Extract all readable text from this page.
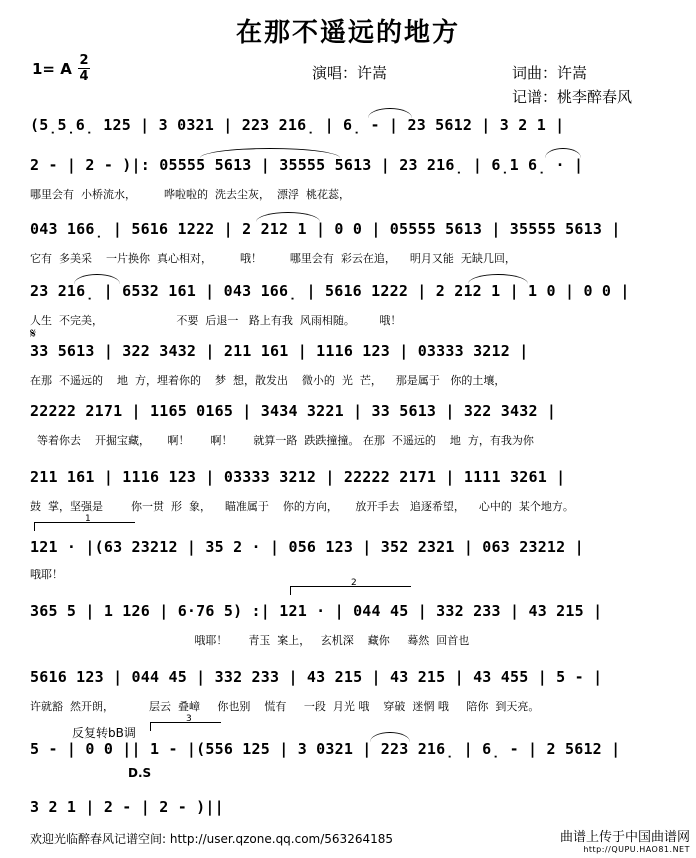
在那不遥远的地方
1= A 2
4	演唱：许嵩	词曲：许嵩
记谱：桃李醉春风
(5̣5̣6̣ 125 | 3 0321 | 223 216̣ | 6̣ - | 23 5612 | 3 2 1 |
2 - | 2 - )|: 05555 5613 | 35555 5613 | 23 216̣ | 6̣1 6̣ · |
哪里会有  小桥流水，        哗啦啦的  洗去尘灰，  漂浮  桃花蕊，
043 166̣ | 5616 1222 | 2 212 1 | 0 0 | 05555 5613 | 35555 5613 |
它有  多美采    一片换你  真心相对，        哦！        哪里会有  彩云在追，    明月又能  无缺几回，
23 216̣ | 6532 161 | 043 166̣ | 5616 1222 | 2 212 1 | 1 0 | 0 0 |
人生  不完美，                     不要  后退一   路上有我  风雨相随。       哦！
𝄋
33 5613 | 322 3432 | 211 161 | 1116 123 | 03333 3212 |
在那  不遥远的    地  方，埋着你的    梦  想，散发出    微小的  光  芒，    那是属于   你的土壤，
22222 2171 | 1165 0165 | 3434 3221 | 33 5613 | 322 3432 |
等着你去    开掘宝藏，     啊！      啊！      就算一路  跌跌撞撞。 在那  不遥远的    地  方，有我为你
211 161 | 1116 123 | 03333 3212 | 22222 2171 | 1111 3261 |
鼓  掌，坚强是        你一贯  形  象，    瞄准属于    你的方向，     放开手去   追逐希望，    心中的  某个地方。
1
121 · |(63 23212 | 35 2 · | 056 123 | 352 2321 | 063 23212 |
哦耶！
2
365 5 | 1 126 | 6·76 5) :| 121 · | 044 45 | 332 233 | 43 215 |
哦耶！      青玉  案上，   玄机深    藏你     蓦然  回首也
5616 123 | 044 45 | 332 233 | 43 215 | 43 215 | 43 455 | 5 - |
许就豁  然开朗，          层云  叠嶂     你也别    慌有     一段  月光 哦    穿破  迷惘 哦     陪你  到天亮。
反复转bB调
3
5 - | 0 0 || 1 - |(556 125 | 3 0321 | 223 216̣ | 6̣ - | 2 5612 |
D.S
3 2 1 | 2 - | 2 - )||
欢迎光临醉春风记谱空间: http://user.qzone.qq.com/563264185	曲谱上传于中国曲谱网
http://QUPU.HAO81.NET
